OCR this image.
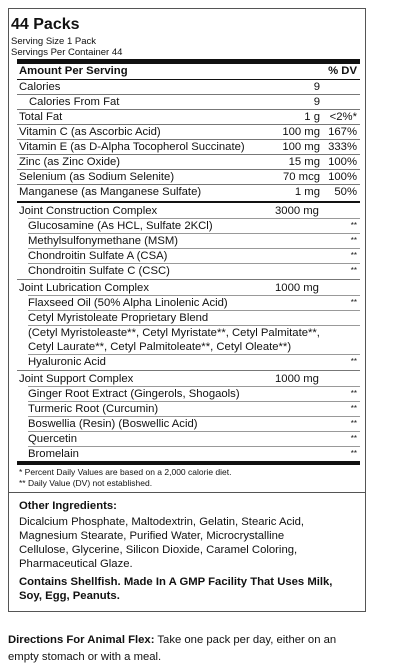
44 Packs
Serving Size 1 Pack
Servings Per Container 44
Amount Per Serving	% DV
Calories	9
Calories From Fat	9
Total Fat	1 g <2%*
Vitamin C (as Ascorbic Acid)	100 mg 167%
Vitamin E (as D-Alpha Tocopherol Succinate)	100 mg 333%
Zinc (as Zinc Oxide)	15 mg 100%
Selenium (as Sodium Selenite)	70 mcg 100%
Manganese (as Manganese Sulfate)	1 mg 50%
Joint Construction Complex	3000 mg
Glucosamine (As HCL, Sulfate 2KCl)	**
Methylsulfonymethane (MSM)	**
Chondroitin Sulfate A (CSA)	**
Chondroitin Sulfate C (CSC)	**
Joint Lubrication Complex	1000 mg
Flaxseed Oil (50% Alpha Linolenic Acid)	**
Cetyl Myristoleate Proprietary Blend
(Cetyl Myristoleaste**, Cetyl Myristate**, Cetyl Palmitate**,
Cetyl Laurate**, Cetyl Palmitoleate**, Cetyl Oleate**)
Hyaluronic Acid	**
Joint Support Complex	1000 mg
Ginger Root Extract (Gingerols, Shogaols)	**
Turmeric Root (Curcumin)	**
Boswellia (Resin) (Boswellic Acid)	**
Quercetin	**
Bromelain	**
* Percent Daily Values are based on a 2,000 calorie diet.
** Daily Value (DV) not established.
Other Ingredients:
Dicalcium Phosphate, Maltodextrin, Gelatin, Stearic Acid,
Magnesium Stearate, Purified Water, Microcrystalline
Cellulose, Glycerine, Silicon Dioxide, Caramel Coloring,
Pharmaceutical Glaze.
Contains Shellfish. Made In A GMP Facility That Uses Milk,
Soy, Egg, Peanuts.
Directions For Animal Flex: Take one pack per day, either on an
empty stomach or with a meal.
